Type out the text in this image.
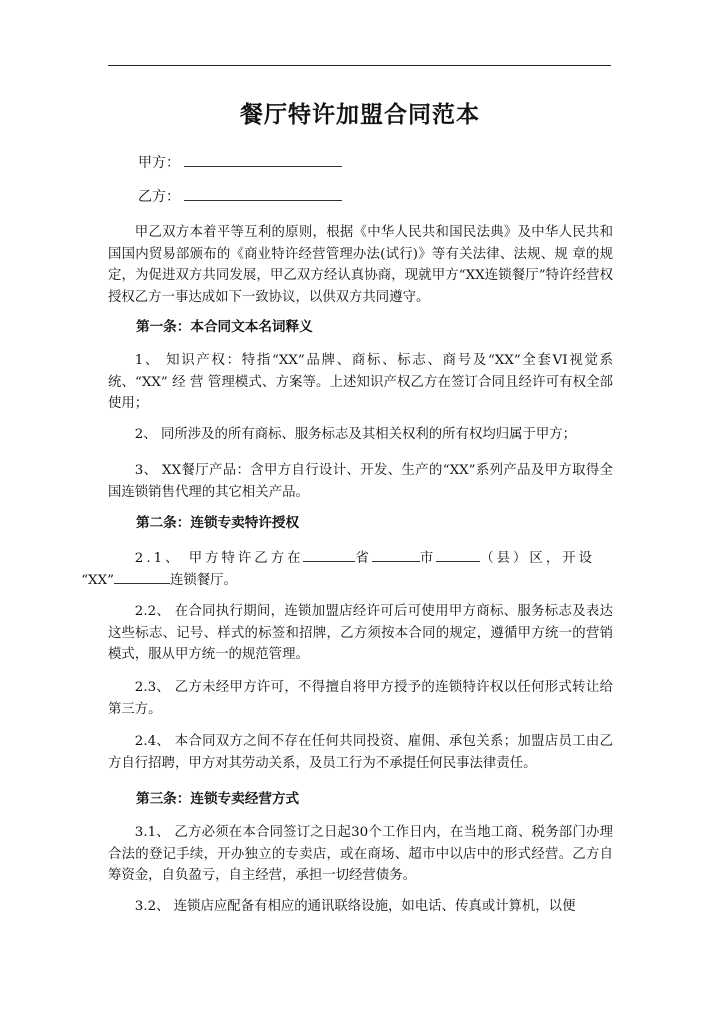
餐厅特许加盟合同范本
甲方：
乙方：

甲乙双方本着平等互利的原则，根据《中华人民共和国民法典》及中华人民共和国国内贸易部颁布的《商业特许经营管理办法(试行)》等有关法律、法规、规 章的规定，为促进双方共同发展，甲乙双方经认真协商，现就甲方“XX连锁餐厅”特许经营权授权乙方一事达成如下一致协议，以供双方共同遵守。

第一条：本合同文本名词释义

1、 知识产权：特指“XX”品牌、商标、标志、商号及“XX”全套VI视觉系统、“XX” 经 营 管理模式、方案等。上述知识产权乙方在签订合同且经许可有权全部使用；

2、 同所涉及的所有商标、服务标志及其相关权利的所有权均归属于甲方；

3、 XX餐厅产品：含甲方自行设计、开发、生产的“XX”系列产品及甲方取得全国连锁销售代理的其它相关产品。

第二条：连锁专卖特许授权

2.1、 甲方特许乙方在	省	市	（县）区，开设
“XX”	连锁餐厅。

2.2、 在合同执行期间，连锁加盟店经许可后可使用甲方商标、服务标志及表达这些标志、记号、样式的标签和招牌，乙方须按本合同的规定，遵循甲方统一的营销模式，服从甲方统一的规范管理。

2.3、 乙方未经甲方许可，不得擅自将甲方授予的连锁特许权以任何形式转让给第三方。

2.4、 本合同双方之间不存在任何共同投资、雇佣、承包关系；加盟店员工由乙方自行招聘，甲方对其劳动关系，及员工行为不承提任何民事法律责任。

第三条：连锁专卖经营方式

3.1、 乙方必须在本合同签订之日起30个工作日内，在当地工商、税务部门办理合法的登记手续，开办独立的专卖店，或在商场、超市中以店中的形式经营。乙方自筹资金，自负盈亏，自主经营，承担一切经营债务。

3.2、 连锁店应配备有相应的通讯联络设施，如电话、传真或计算机，以便
